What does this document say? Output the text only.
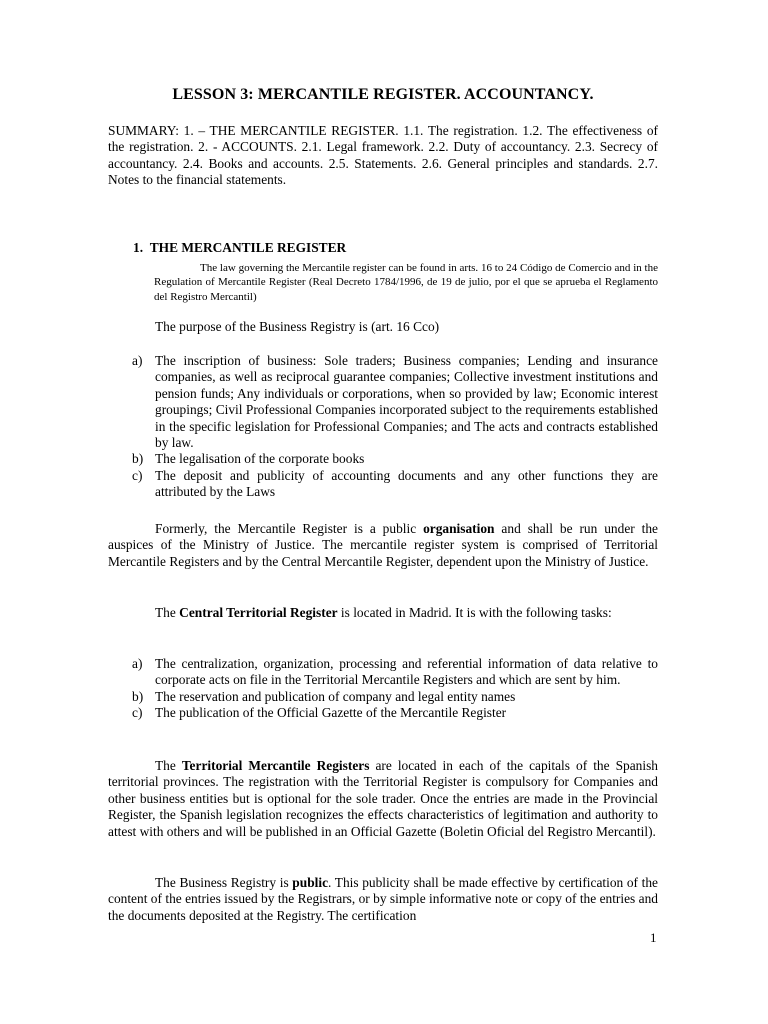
LESSON 3: MERCANTILE REGISTER. ACCOUNTANCY.

SUMMARY: 1. – THE MERCANTILE REGISTER. 1.1. The registration. 1.2. The effectiveness of the registration. 2. - ACCOUNTS. 2.1. Legal framework. 2.2. Duty of accountancy. 2.3. Secrecy of accountancy. 2.4. Books and accounts. 2.5. Statements. 2.6. General principles and standards. 2.7. Notes to the financial statements.

1. THE MERCANTILE REGISTER

The law governing the Mercantile register can be found in arts. 16 to 24 Código de Comercio and in the Regulation of Mercantile Register (Real Decreto 1784/1996, de 19 de julio, por el que se aprueba el Reglamento del Registro Mercantil)

The purpose of the Business Registry is (art. 16 Cco)

a) The inscription of business: Sole traders; Business companies; Lending and insurance companies, as well as reciprocal guarantee companies; Collective investment institutions and pension funds; Any individuals or corporations, when so provided by law; Economic interest groupings; Civil Professional Companies incorporated subject to the requirements established in the specific legislation for Professional Companies; and The acts and contracts established by law.
b) The legalisation of the corporate books
c) The deposit and publicity of accounting documents and any other functions they are attributed by the Laws

Formerly, the Mercantile Register is a public organisation and shall be run under the auspices of the Ministry of Justice. The mercantile register system is comprised of Territorial Mercantile Registers and by the Central Mercantile Register, dependent upon the Ministry of Justice.

The Central Territorial Register is located in Madrid. It is with the following tasks:

a) The centralization, organization, processing and referential information of data relative to corporate acts on file in the Territorial Mercantile Registers and which are sent by him.
b) The reservation and publication of company and legal entity names
c) The publication of the Official Gazette of the Mercantile Register

The Territorial Mercantile Registers are located in each of the capitals of the Spanish territorial provinces. The registration with the Territorial Register is compulsory for Companies and other business entities but is optional for the sole trader. Once the entries are made in the Provincial Register, the Spanish legislation recognizes the effects characteristics of legitimation and authority to attest with others and will be published in an Official Gazette (Boletin Oficial del Registro Mercantil).

The Business Registry is public. This publicity shall be made effective by certification of the content of the entries issued by the Registrars, or by simple informative note or copy of the entries and the documents deposited at the Registry. The certification

1
